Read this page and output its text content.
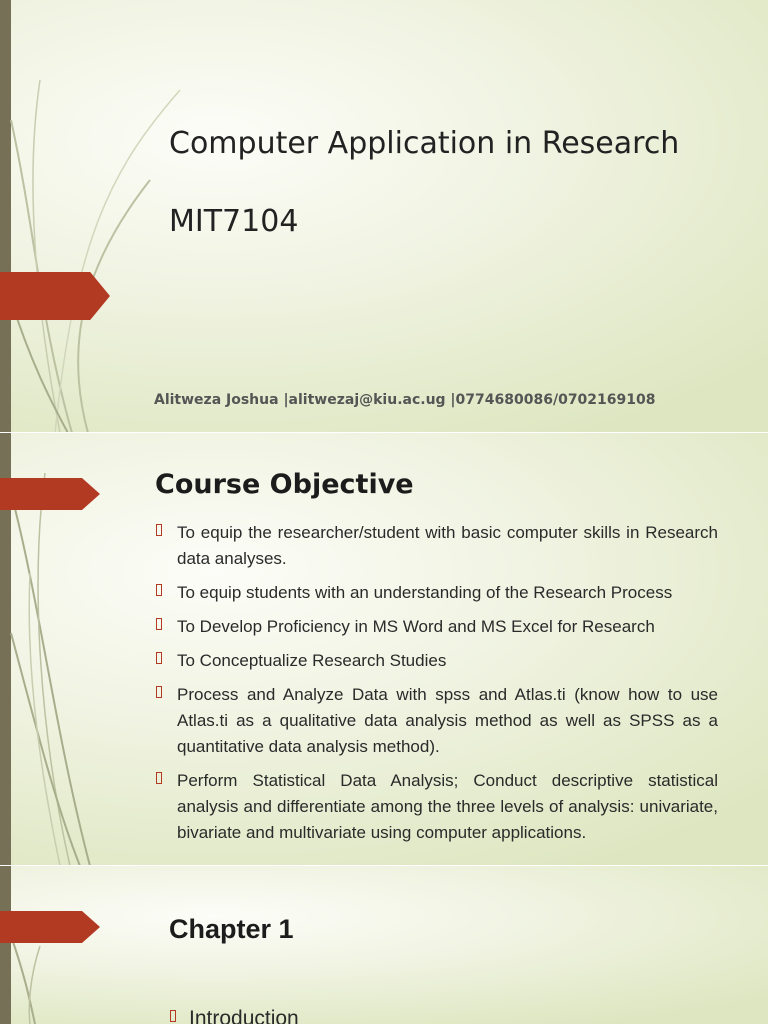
Computer Application in Research
MIT7104
Alitweza Joshua |alitwezaj@kiu.ac.ug |0774680086/0702169108
Course Objective
To equip the researcher/student with basic computer skills in Research data analyses.
To equip students with an understanding of the Research Process
To Develop Proficiency in MS Word and MS Excel for Research
To Conceptualize Research Studies
Process and Analyze Data with spss and Atlas.ti (know how to use Atlas.ti as a qualitative data analysis method as well as SPSS as a quantitative data analysis method).
Perform Statistical Data Analysis; Conduct descriptive statistical analysis and differentiate among the three levels of analysis: univariate, bivariate and multivariate using computer applications.
Chapter 1
Introduction
